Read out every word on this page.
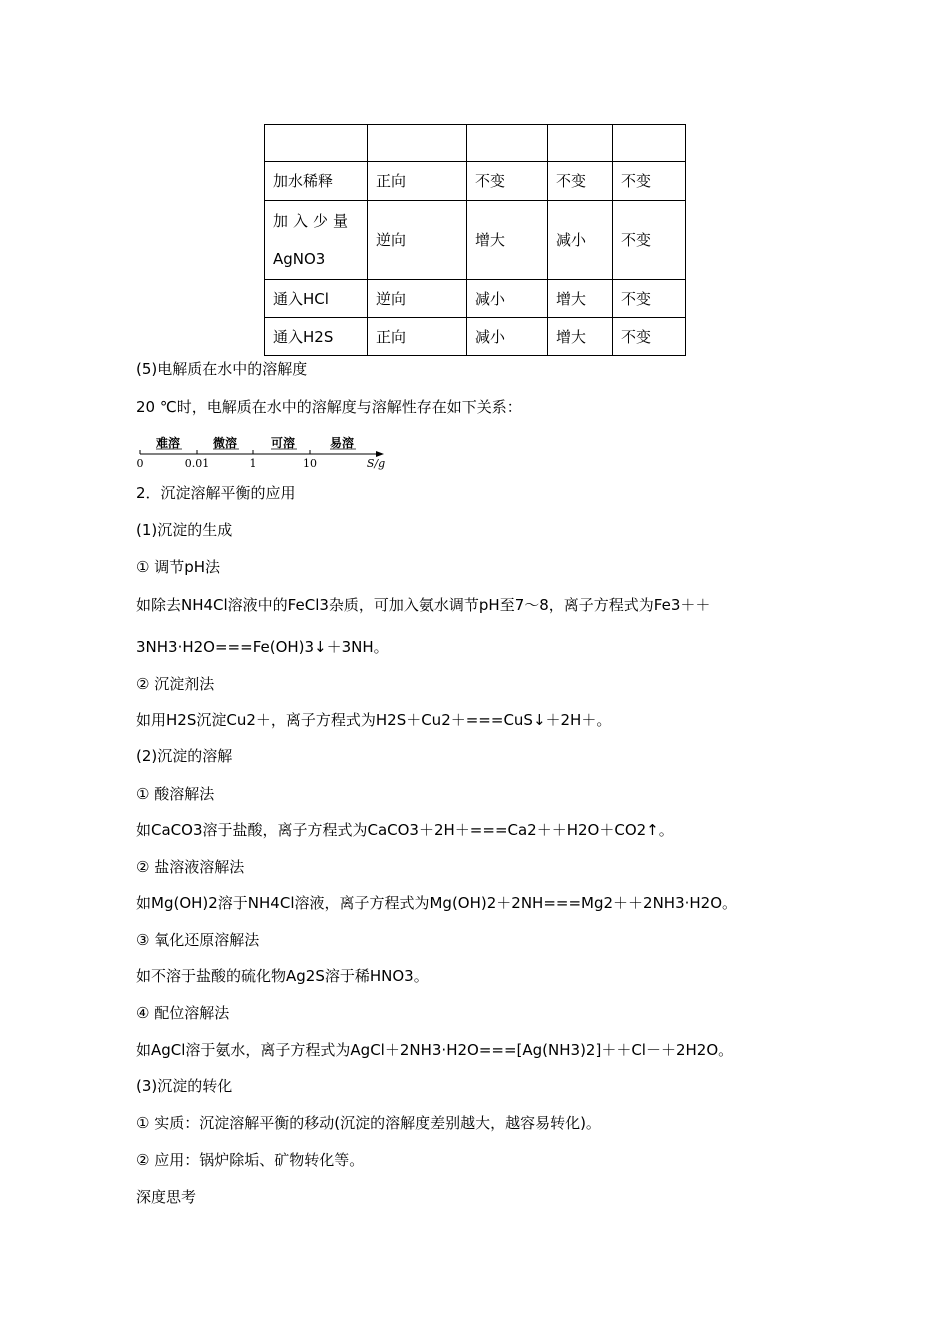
加水稀释	正向	不变	不变	不变

加入少量
AgNO3	逆向	增大	减小	不变
通入HCl	逆向	减小	增大	不变
通入H2S	正向	减小	增大	不变
(5)电解质在水中的溶解度
20 ℃时，电解质在水中的溶解度与溶解性存在如下关系：
难溶	微溶	可溶	易溶
0	0.01	1	10	S/g
2．沉淀溶解平衡的应用
(1)沉淀的生成
① 调节pH法
如除去NH4Cl溶液中的FeCl3杂质，可加入氨水调节pH至7～8，离子方程式为Fe3＋＋
3NH3·H2O===Fe(OH)3↓＋3NH。
② 沉淀剂法
如用H2S沉淀Cu2＋，离子方程式为H2S＋Cu2＋===CuS↓＋2H＋。
(2)沉淀的溶解
① 酸溶解法
如CaCO3溶于盐酸，离子方程式为CaCO3＋2H＋===Ca2＋＋H2O＋CO2↑。
② 盐溶液溶解法
如Mg(OH)2溶于NH4Cl溶液，离子方程式为Mg(OH)2＋2NH===Mg2＋＋2NH3·H2O。
③ 氧化还原溶解法
如不溶于盐酸的硫化物Ag2S溶于稀HNO3。
④ 配位溶解法
如AgCl溶于氨水，离子方程式为AgCl＋2NH3·H2O===[Ag(NH3)2]＋＋Cl－＋2H2O。
(3)沉淀的转化
① 实质：沉淀溶解平衡的移动(沉淀的溶解度差别越大，越容易转化)。
② 应用：锅炉除垢、矿物转化等。
深度思考
